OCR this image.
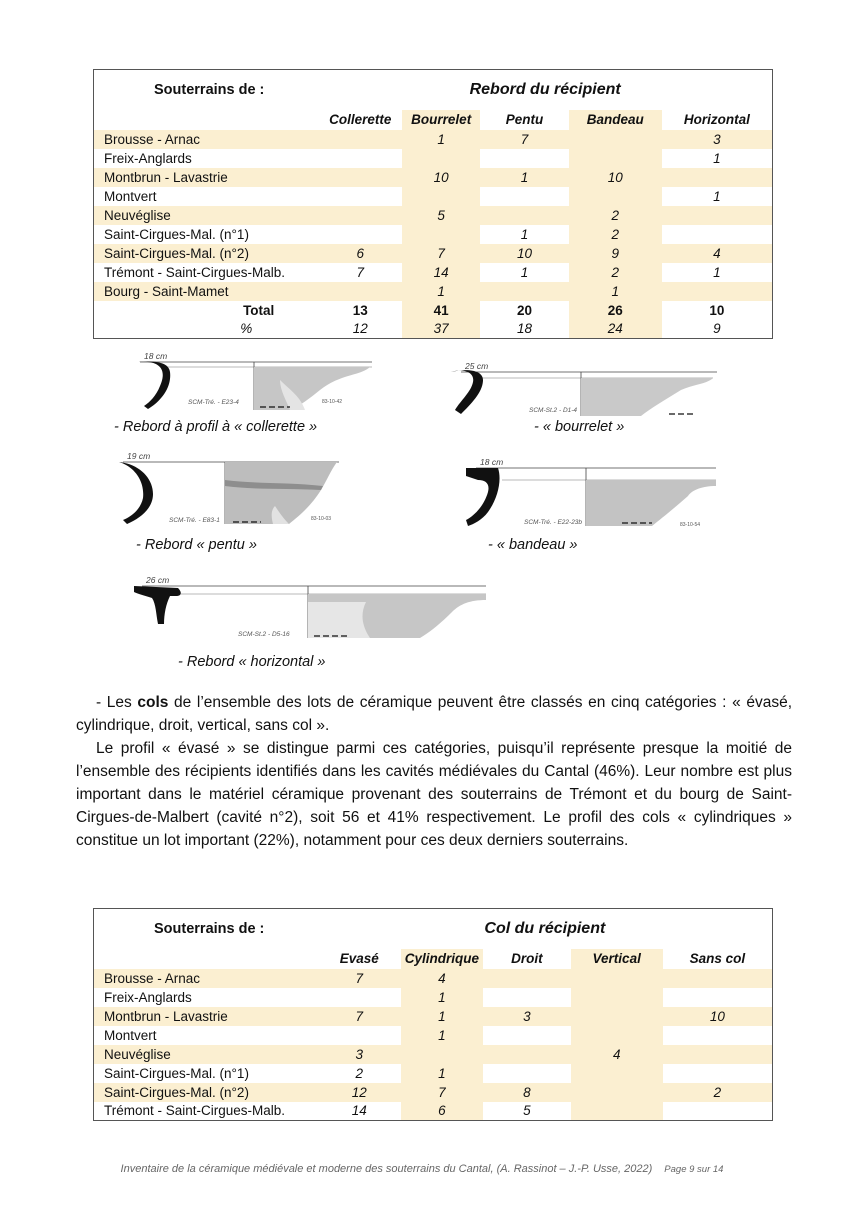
Souterrains de :	Rebord du récipient				
	Collerette	Bourrelet	Pentu	Bandeau	Horizontal
Brousse - Arnac		1	7		3
Freix-Anglards					1
Montbrun - Lavastrie		10	1	10	
Montvert					1
Neuvéglise		5		2	
Saint-Cirgues-Mal. (n°1)			1	2	
Saint-Cirgues-Mal. (n°2)	6	7	10	9	4
Trémont - Saint-Cirgues-Malb.	7	14	1	2	1
Bourg - Saint-Mamet		1		1	
Total	13	41	20	26	10
%	12	37	18	24	9
18 cm
SCM-Tré. - E23-4	83-10-42
- Rebord à profil à « collerette »
25 cm
SCM-St.2 - D1-4
- « bourrelet »
19 cm
SCM-Tré. - E83-1	83-10-03
- Rebord « pentu »
18 cm
SCM-Tré. - E22-23b	83-10-54
- « bandeau »
26 cm
SCM-St.2 - D5-16
- Rebord « horizontal »
- Les cols de l’ensemble des lots de céramique peuvent être classés en cinq catégories : « évasé, cylindrique, droit, vertical, sans col ».
Le profil « évasé » se distingue parmi ces catégories, puisqu’il représente presque la moitié de l’ensemble des récipients identifiés dans les cavités médiévales du Cantal (46%). Leur nombre est plus important dans le matériel céramique provenant des souterrains de Trémont et du bourg de Saint-Cirgues-de-Malbert (cavité n°2), soit 56 et 41% respectivement. Le profil des cols « cylindriques » constitue un lot important (22%), notamment pour ces deux derniers souterrains.
Souterrains de :	Col du récipient				
	Evasé	Cylindrique	Droit	Vertical	Sans col
Brousse - Arnac	7	4			
Freix-Anglards		1			
Montbrun - Lavastrie	7	1	3		10
Montvert		1			
Neuvéglise	3			4	
Saint-Cirgues-Mal. (n°1)	2	1			
Saint-Cirgues-Mal. (n°2)	12	7	8		2
Trémont - Saint-Cirgues-Malb.	14	6	5		
Inventaire de la céramique médiévale et moderne des souterrains du Cantal, (A. Rassinot – J.-P. Usse, 2022) Page 9 sur 14
